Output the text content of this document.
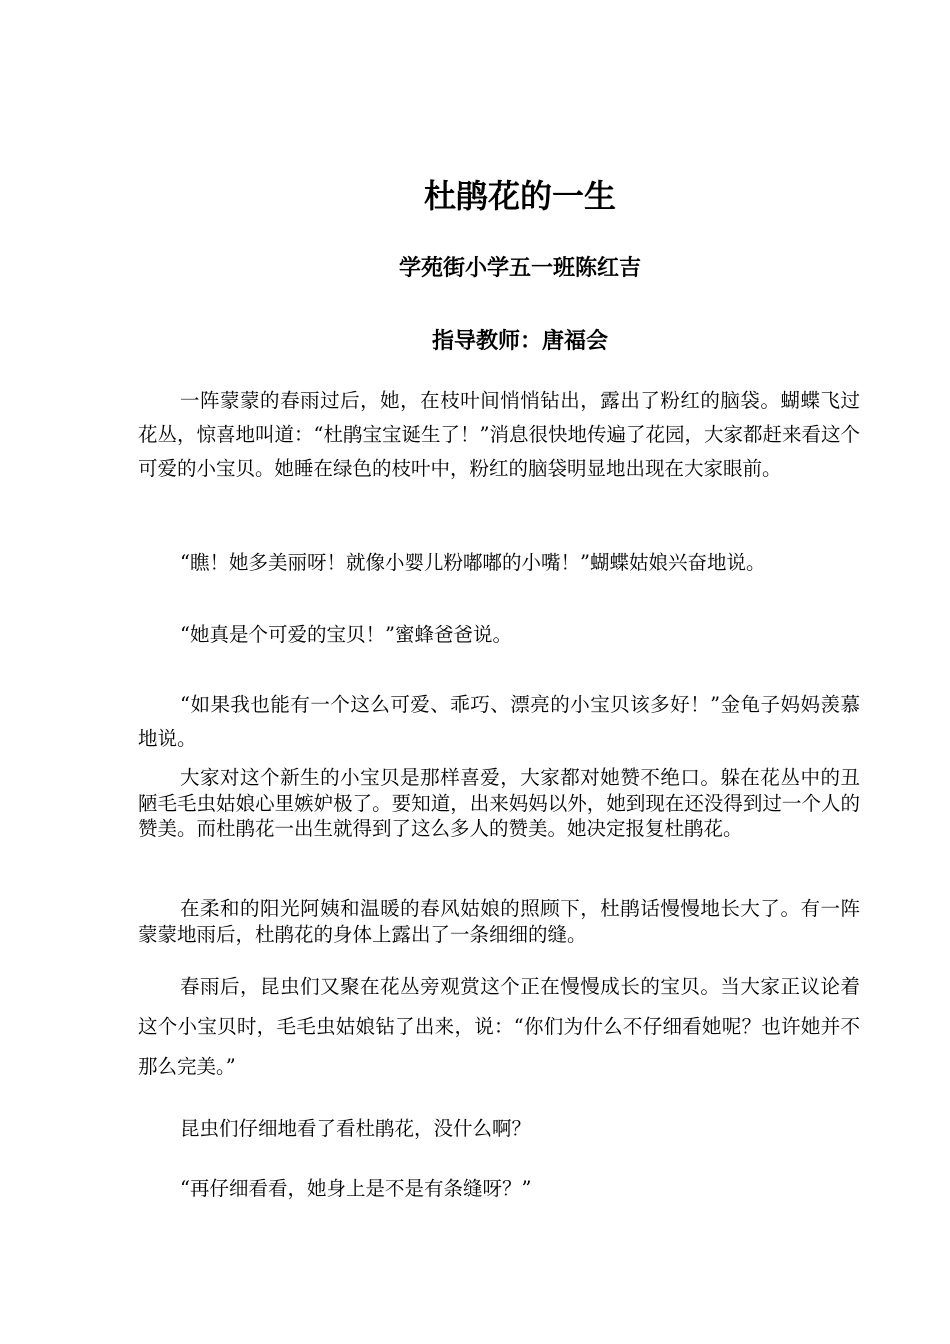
杜鹃花的一生
学苑街小学五一班陈红吉
指导教师：唐福会

一阵蒙蒙的春雨过后，她，在枝叶间悄悄钻出，露出了粉红的脑袋。蝴蝶飞过花丛，惊喜地叫道：“杜鹃宝宝诞生了！”消息很快地传遍了花园，大家都赶来看这个可爱的小宝贝。她睡在绿色的枝叶中，粉红的脑袋明显地出现在大家眼前。

“瞧！她多美丽呀！就像小婴儿粉嘟嘟的小嘴！”蝴蝶姑娘兴奋地说。

“她真是个可爱的宝贝！”蜜蜂爸爸说。

“如果我也能有一个这么可爱、乖巧、漂亮的小宝贝该多好！”金龟子妈妈羡慕地说。

大家对这个新生的小宝贝是那样喜爱，大家都对她赞不绝口。躲在花丛中的丑陋毛毛虫姑娘心里嫉妒极了。要知道，出来妈妈以外，她到现在还没得到过一个人的赞美。而杜鹃花一出生就得到了这么多人的赞美。她决定报复杜鹃花。

在柔和的阳光阿姨和温暖的春风姑娘的照顾下，杜鹃话慢慢地长大了。有一阵蒙蒙地雨后，杜鹃花的身体上露出了一条细细的缝。

春雨后，昆虫们又聚在花丛旁观赏这个正在慢慢成长的宝贝。当大家正议论着这个小宝贝时，毛毛虫姑娘钻了出来，说：“你们为什么不仔细看她呢？也许她并不那么完美。”

昆虫们仔细地看了看杜鹃花，没什么啊？

“再仔细看看，她身上是不是有条缝呀？”
